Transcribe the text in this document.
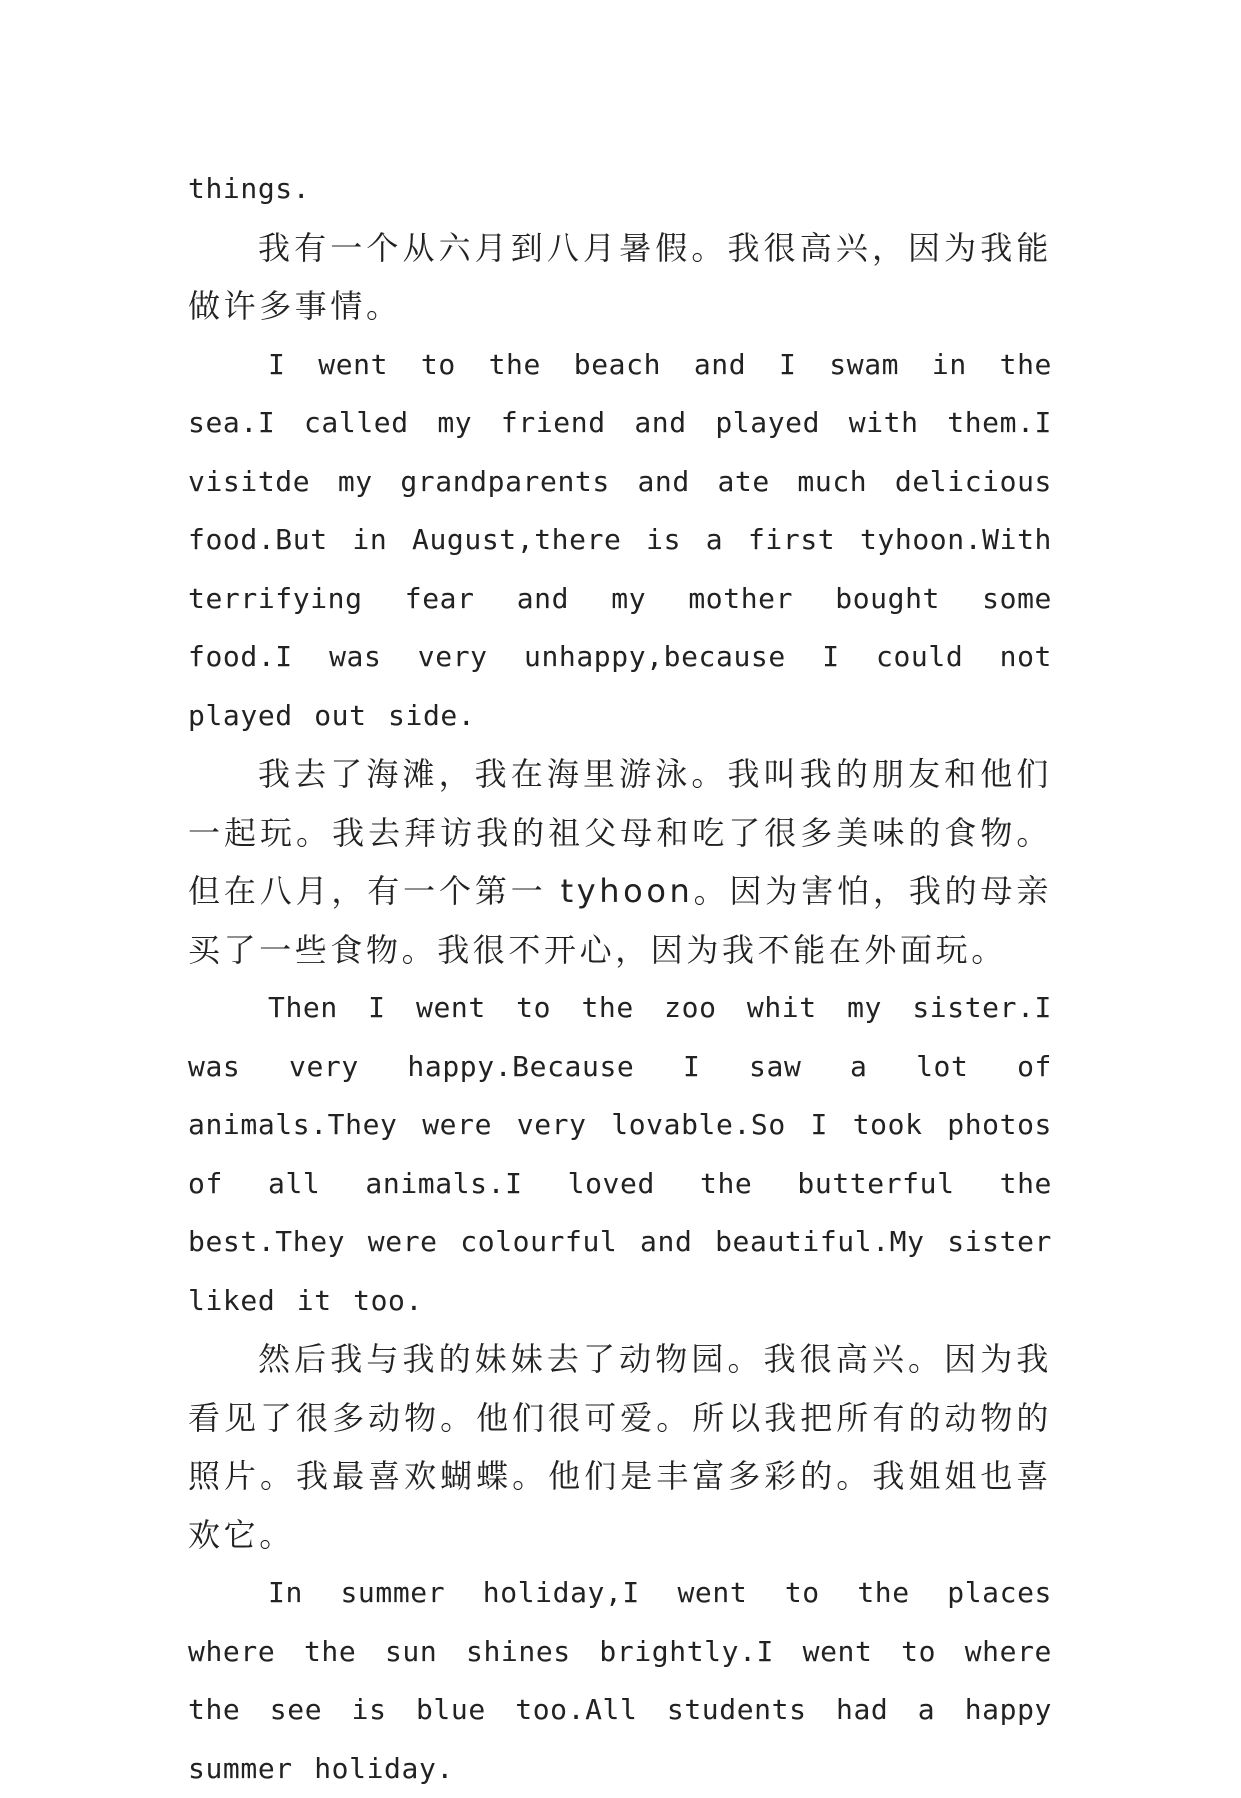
things.

我有一个从六月到八月暑假。我很高兴，因为我能做许多事情。

I went to the beach and I swam in the sea.I called my friend and played with them.I visitde my grandparents and ate much delicious food.But in August,there is a first tyhoon.With terrifying fear and my mother bought some food.I was very unhappy,because I could not played out side.

我去了海滩，我在海里游泳。我叫我的朋友和他们一起玩。我去拜访我的祖父母和吃了很多美味的食物。但在八月，有一个第一 tyhoon。因为害怕，我的母亲买了一些食物。我很不开心，因为我不能在外面玩。

Then I went to the zoo whit my sister.I was very happy.Because I saw a lot of animals.They were very lovable.So I took photos of all animals.I loved the butterful the best.They were colourful and beautiful.My sister liked it too.

然后我与我的妹妹去了动物园。我很高兴。因为我看见了很多动物。他们很可爱。所以我把所有的动物的照片。我最喜欢蝴蝶。他们是丰富多彩的。我姐姐也喜欢它。

In summer holiday,I went to the places where the sun shines brightly.I went to where the see is blue too.All students had a happy summer holiday.
